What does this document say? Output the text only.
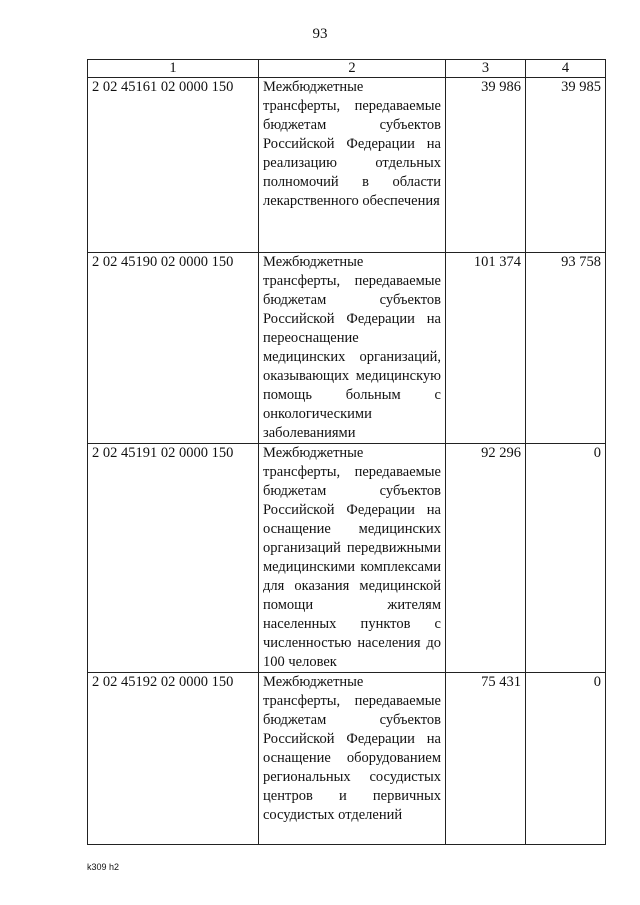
93
1	2	3	4
2 02 45161 02 0000 150	Межбюджетные трансферты, передаваемые бюджетам субъектов Российской Федерации на реализацию отдельных полномочий в области лекарственного обеспечения	39 986	39 985
2 02 45190 02 0000 150	Межбюджетные трансферты, передаваемые бюджетам субъектов Российской Федерации на переоснащение медицинских организаций, оказывающих медицинскую помощь больным с онкологическими заболеваниями	101 374	93 758
2 02 45191 02 0000 150	Межбюджетные трансферты, передаваемые бюджетам субъектов Российской Федерации на оснащение медицинских организаций передвижными медицинскими комплексами для оказания медицинской помощи жителям населенных пунктов с численностью населения до 100 человек	92 296	0
2 02 45192 02 0000 150	Межбюджетные трансферты, передаваемые бюджетам субъектов Российской Федерации на оснащение оборудованием региональных сосудистых центров и первичных сосудистых отделений	75 431	0
k309 h2
